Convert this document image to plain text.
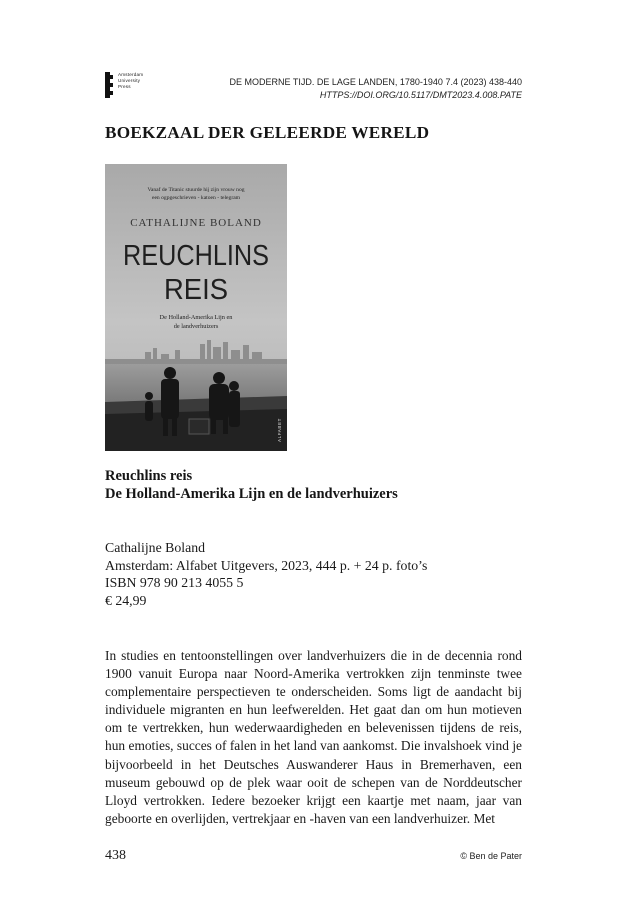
Amsterdam
University
Press	DE MODERNE TIJD. DE LAGE LANDEN, 1780-1940 7.4 (2023) 438-440
HTTPS://DOI.ORG/10.5117/DMT2023.4.008.PATE
BOEKZAAL DER GELEERDE WERELD
Vanaf de Titanic stuurde hij zijn vrouw nog
een ogpgeschrieven - katoen - telegram
CATHALIJNE BOLAND
REUCHLINS
REIS
De Holland-Amerika Lijn en
de landverhuizers
ALFABET
Reuchlins reis
De Holland-Amerika Lijn en de landverhuizers
Cathalijne Boland
Amsterdam: Alfabet Uitgevers, 2023, 444 p. + 24 p. foto’s
ISBN 978 90 213 4055 5
€ 24,99

In studies en tentoonstellingen over landverhuizers die in de decennia rond 1900 vanuit Europa naar Noord-Amerika vertrokken zijn tenminste twee complementaire perspectieven te onderscheiden. Soms ligt de aandacht bij individuele migranten en hun leefwerelden. Het gaat dan om hun motieven om te vertrekken, hun wederwaardigheden en belevenissen tijdens de reis, hun emoties, succes of falen in het land van aankomst. Die invalshoek vind je bijvoorbeeld in het Deutsches Auswanderer Haus in Bremerhaven, een museum gebouwd op de plek waar ooit de schepen van de Norddeutscher Lloyd vertrokken. Iedere bezoeker krijgt een kaartje met naam, jaar van geboorte en overlijden, vertrekjaar en -haven van een landverhuizer. Met

438	© Ben de Pater
